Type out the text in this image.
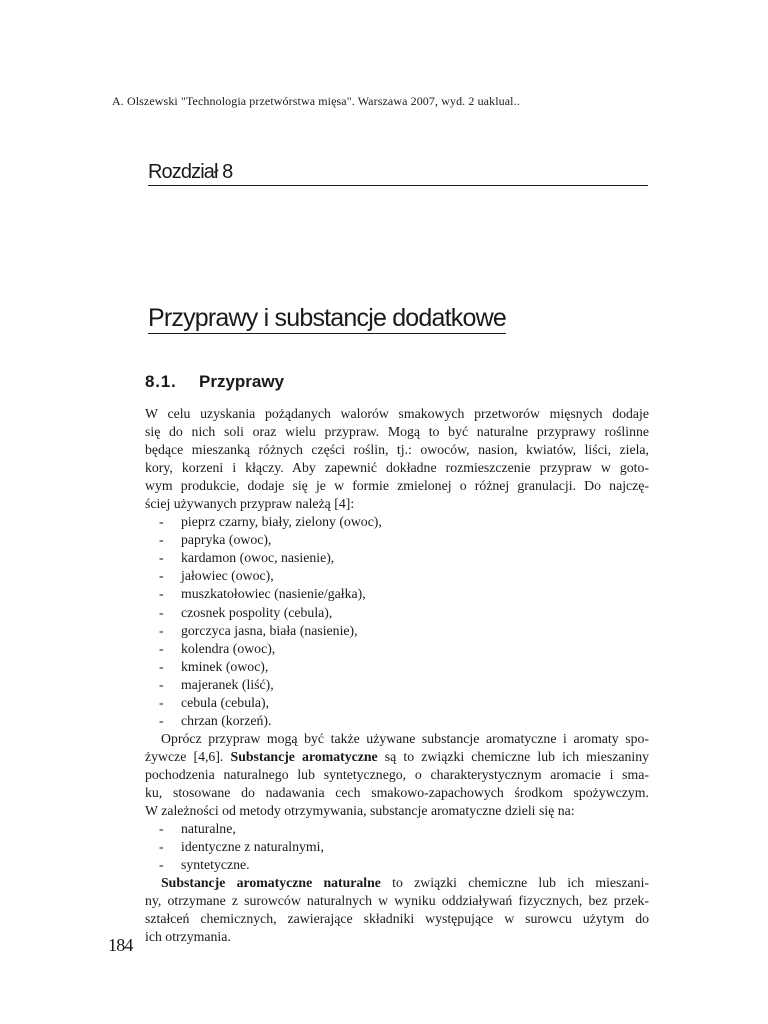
A. Olszewski "Technologia przetwórstwa mięsa". Warszawa 2007, wyd. 2 uaklual..
Rozdział 8
Przyprawy i substancje dodatkowe
8.1. Przyprawy
W celu uzyskania pożądanych walorów smakowych przetworów mięsnych dodaje
się do nich soli oraz wielu przypraw. Mogą to być naturalne przyprawy roślinne
będące mieszanką różnych części roślin, tj.: owoców, nasion, kwiatów, liści, ziela,
kory, korzeni i kłączy. Aby zapewnić dokładne rozmieszczenie przypraw w goto-
wym produkcie, dodaje się je w formie zmielonej o różnej granulacji. Do najczę-
ściej używanych przypraw należą [4]:
- pieprz czarny, biały, zielony (owoc),
- papryka (owoc),
- kardamon (owoc, nasienie),
- jałowiec (owoc),
- muszkatołowiec (nasienie/gałka),
- czosnek pospolity (cebula),
- gorczyca jasna, biała (nasienie),
- kolendra (owoc),
- kminek (owoc),
- majeranek (liść),
- cebula (cebula),
- chrzan (korzeń).
Oprócz przypraw mogą być także używane substancje aromatyczne i aromaty spo-
żywcze [4,6]. Substancje aromatyczne są to związki chemiczne lub ich mieszaniny
pochodzenia naturalnego lub syntetycznego, o charakterystycznym aromacie i sma-
ku, stosowane do nadawania cech smakowo-zapachowych środkom spożywczym.
W zależności od metody otrzymywania, substancje aromatyczne dzieli się na:
- naturalne,
- identyczne z naturalnymi,
- syntetyczne.
Substancje aromatyczne naturalne to związki chemiczne lub ich mieszani-
ny, otrzymane z surowców naturalnych w wyniku oddziaływań fizycznych, bez przek-
ształceń chemicznych, zawierające składniki występujące w surowcu użytym do
ich otrzymania.
184
